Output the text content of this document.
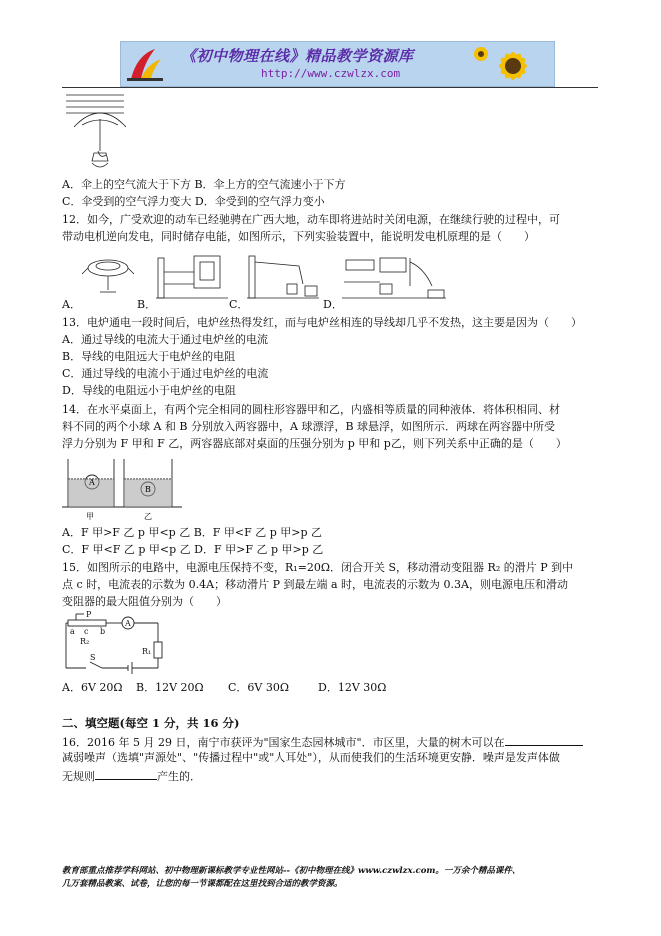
《初中物理在线》精品教学资源库
http://www.czwlzx.com
A．伞上的空气流大于下方 B．伞上方的空气流速小于下方
C．伞受到的空气浮力变大 D．伞受到的空气浮力变小
12．如今，广受欢迎的动车已经驰骋在广西大地，动车即将进站时关闭电源，在继续行驶的过程中，可
带动电机逆向发电，同时储存电能，如图所示，下列实验装置中，能说明发电机原理的是（　　）
A．	B．	C．	D．
13．电炉通电一段时间后，电炉丝热得发红，而与电炉丝相连的导线却几乎不发热，这主要是因为（　　）
A．通过导线的电流大于通过电炉丝的电流
B．导线的电阻远大于电炉丝的电阻
C．通过导线的电流小于通过电炉丝的电流
D．导线的电阻远小于电炉丝的电阻
14．在水平桌面上，有两个完全相同的圆柱形容器甲和乙，内盛相等质量的同种液体．将体积相同、材
料不同的两个小球 A 和 B 分别放入两容器中，A 球漂浮，B 球悬浮，如图所示．两球在两容器中所受
浮力分别为 F 甲和 F 乙，两容器底部对桌面的压强分别为 p 甲和 p乙，则下列关系中正确的是（　　）
A
B
甲	乙
A．F 甲>F 乙 p 甲<p 乙 B．F 甲<F 乙 p 甲>p 乙
C．F 甲<F 乙 p 甲<p 乙 D．F 甲>F 乙 p 甲>p 乙
15．如图所示的电路中，电源电压保持不变，R₁=20Ω．闭合开关 S，移动滑动变阻器 R₂ 的滑片 P 到中
点 c 时，电流表的示数为 0.4A；移动滑片 P 到最左端 a 时，电流表的示数为 0.3A，则电源电压和滑动
变阻器的最大阻值分别为（　　）
P
a c b
R₂
R₁
S
A
A．6V 20Ω B．12V 20Ω C．6V 30Ω	D．12V 30Ω
二、填空题(每空 1 分，共 16 分)
16．2016 年 5 月 29 日，南宁市获评为"国家生态园林城市"．市区里，大量的树木可以在
减弱噪声（选填"声源处"、"传播过程中"或"人耳处"），从而使我们的生活环境更安静．噪声是发声体做
无规则	产生的．
教育部重点推荐学科网站、初中物理新课标教学专业性网站--《初中物理在线》www.czwlzx.com。一万余个精品课件、
几万套精品教案、试卷，让您的每一节课都配在这里找到合适的教学资源。
